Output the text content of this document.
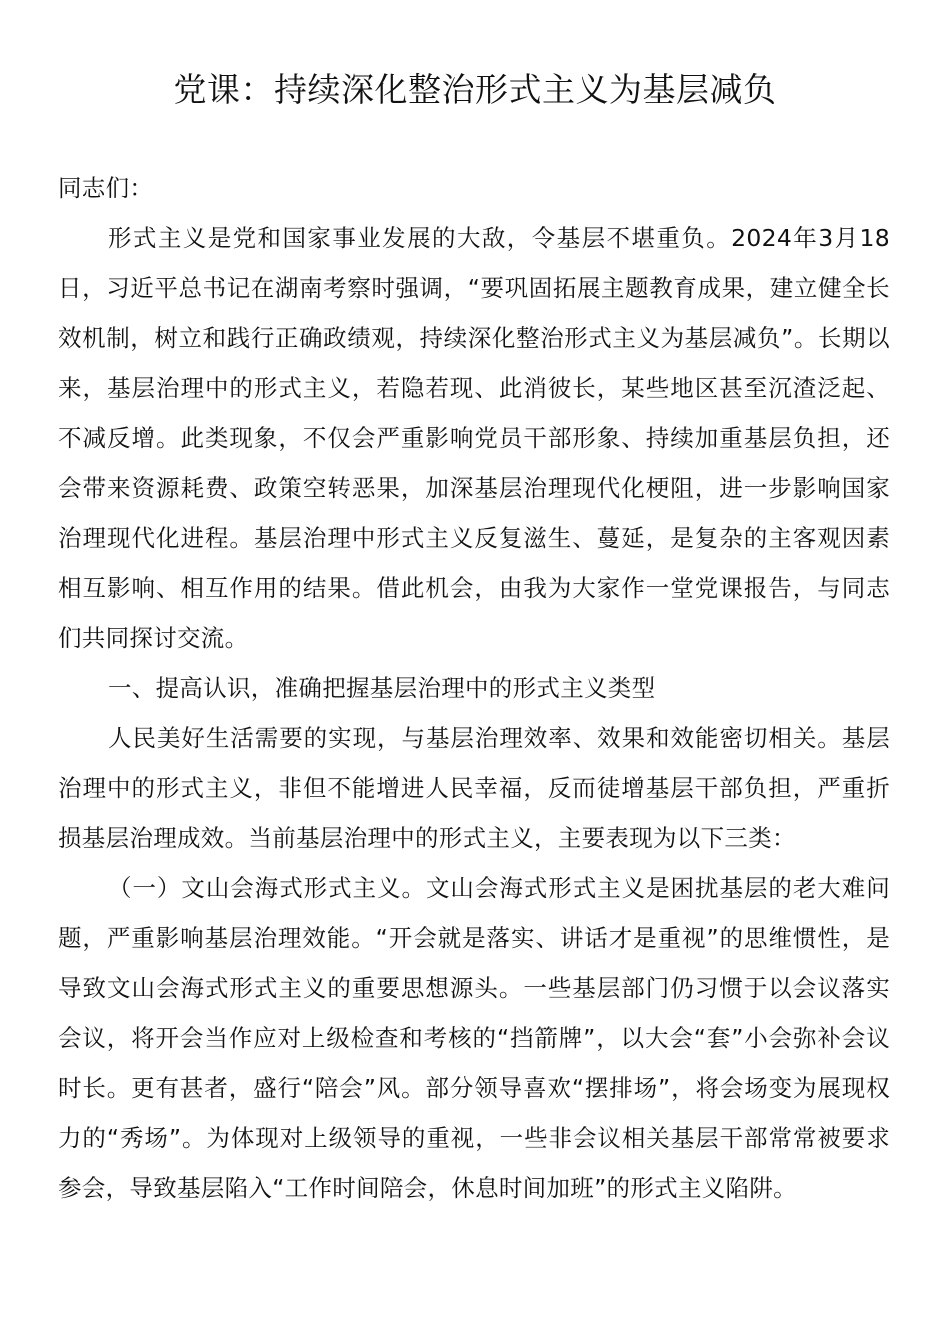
党课：持续深化整治形式主义为基层减负

同志们：

形式主义是党和国家事业发展的大敌，令基层不堪重负。2024年3月18日，习近平总书记在湖南考察时强调，“要巩固拓展主题教育成果，建立健全长效机制，树立和践行正确政绩观，持续深化整治形式主义为基层减负”。长期以来，基层治理中的形式主义，若隐若现、此消彼长，某些地区甚至沉渣泛起、不减反增。此类现象，不仅会严重影响党员干部形象、持续加重基层负担，还会带来资源耗费、政策空转恶果，加深基层治理现代化梗阻，进一步影响国家治理现代化进程。基层治理中形式主义反复滋生、蔓延，是复杂的主客观因素相互影响、相互作用的结果。借此机会，由我为大家作一堂党课报告，与同志们共同探讨交流。

一、提高认识，准确把握基层治理中的形式主义类型

人民美好生活需要的实现，与基层治理效率、效果和效能密切相关。基层治理中的形式主义，非但不能增进人民幸福，反而徒增基层干部负担，严重折损基层治理成效。当前基层治理中的形式主义，主要表现为以下三类：

（一）文山会海式形式主义。文山会海式形式主义是困扰基层的老大难问题，严重影响基层治理效能。“开会就是落实、讲话才是重视”的思维惯性，是导致文山会海式形式主义的重要思想源头。一些基层部门仍习惯于以会议落实会议，将开会当作应对上级检查和考核的“挡箭牌”，以大会“套”小会弥补会议时长。更有甚者，盛行“陪会”风。部分领导喜欢“摆排场”，将会场变为展现权力的“秀场”。为体现对上级领导的重视，一些非会议相关基层干部常常被要求参会，导致基层陷入“工作时间陪会，休息时间加班”的形式主义陷阱。
